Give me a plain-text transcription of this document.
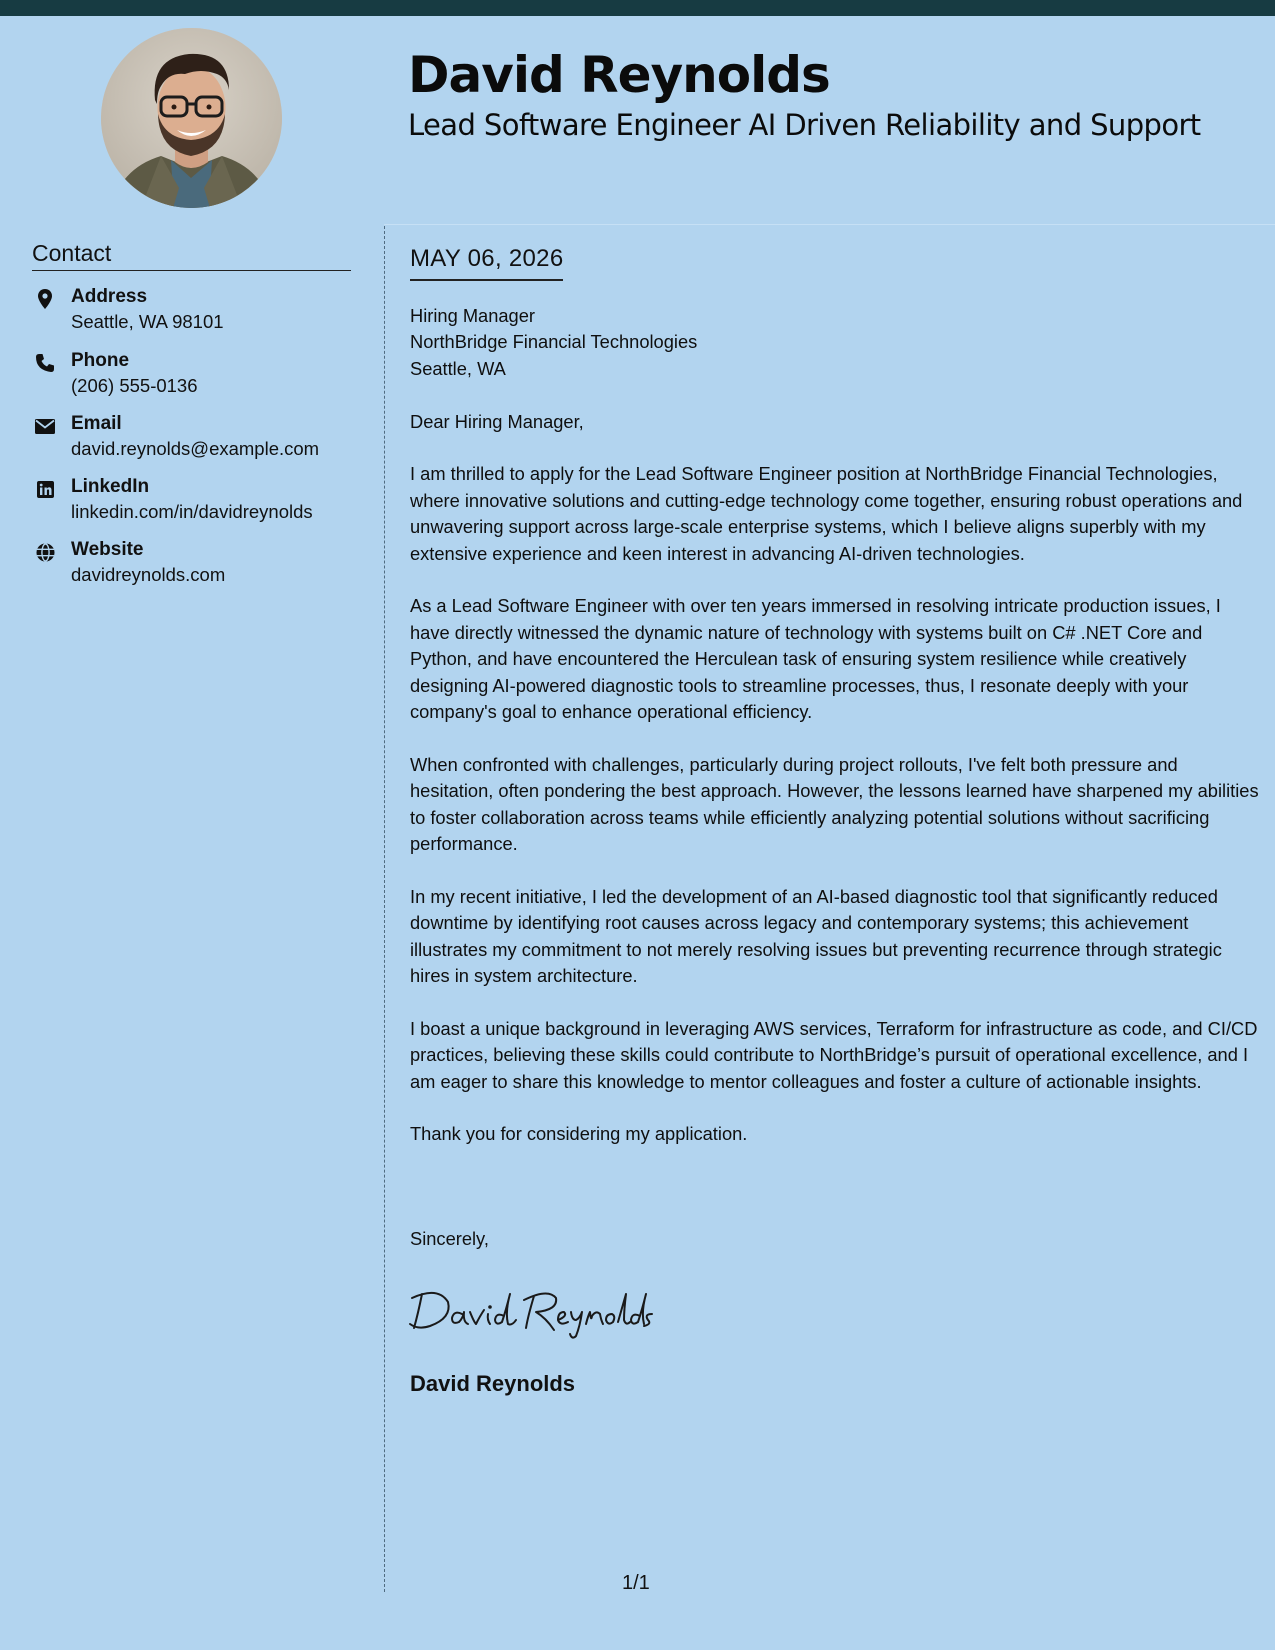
David Reynolds
Lead Software Engineer AI Driven Reliability and Support
Contact
Address
Seattle, WA 98101
Phone
(206) 555-0136
Email
david.reynolds@example.com
LinkedIn
linkedin.com/in/davidreynolds
Website
davidreynolds.com
MAY 06, 2026

Hiring Manager
NorthBridge Financial Technologies
Seattle, WA

Dear Hiring Manager,

I am thrilled to apply for the Lead Software Engineer position at NorthBridge Financial Technologies, where innovative solutions and cutting-edge technology come together, ensuring robust operations and unwavering support across large-scale enterprise systems, which I believe aligns superbly with my extensive experience and keen interest in advancing AI-driven technologies.

As a Lead Software Engineer with over ten years immersed in resolving intricate production issues, I have directly witnessed the dynamic nature of technology with systems built on C# .NET Core and Python, and have encountered the Herculean task of ensuring system resilience while creatively designing AI-powered diagnostic tools to streamline processes, thus, I resonate deeply with your company's goal to enhance operational efficiency.

When confronted with challenges, particularly during project rollouts, I've felt both pressure and hesitation, often pondering the best approach. However, the lessons learned have sharpened my abilities to foster collaboration across teams while efficiently analyzing potential solutions without sacrificing performance.

In my recent initiative, I led the development of an AI-based diagnostic tool that significantly reduced downtime by identifying root causes across legacy and contemporary systems; this achievement illustrates my commitment to not merely resolving issues but preventing recurrence through strategic hires in system architecture.

I boast a unique background in leveraging AWS services, Terraform for infrastructure as code, and CI/CD practices, believing these skills could contribute to NorthBridge’s pursuit of operational excellence, and I am eager to share this knowledge to mentor colleagues and foster a culture of actionable insights.

Thank you for considering my application.

Sincerely,
David Reynolds
1/1
